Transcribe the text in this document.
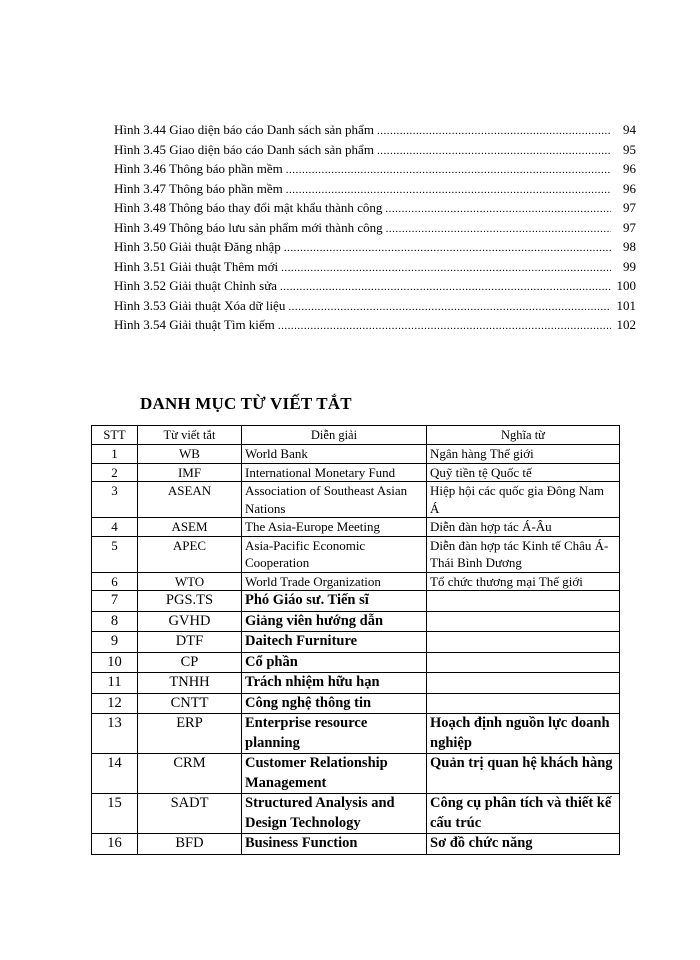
Hình 3.44 Giao diện báo cáo Danh sách sản phẩm .....	94
Hình 3.45 Giao diện báo cáo Danh sách sản phẩm .....	95
Hình 3.46 Thông báo phần mềm .....	96
Hình 3.47 Thông báo phần mềm .....	96
Hình 3.48 Thông báo thay đổi mật khẩu thành công .....	97
Hình 3.49 Thông báo lưu sản phẩm mới thành công .....	97
Hình 3.50 Giải thuật Đăng nhập .....	98
Hình 3.51 Giải thuật Thêm mới .....	99
Hình 3.52 Giải thuật Chỉnh sửa .....	100
Hình 3.53 Giải thuật Xóa dữ liệu .....	101
Hình 3.54 Giải thuật Tìm kiếm .....	102
DANH MỤC TỪ VIẾT TẮT
STT	Từ viết tắt	Diễn giải	Nghĩa từ
1	WB	World Bank	Ngân hàng Thế giới
2	IMF	International Monetary Fund	Quỹ tiền tệ Quốc tế
3	ASEAN	Association of Southeast Asian Nations	Hiệp hội các quốc gia Đông Nam Á
4	ASEM	The Asia-Europe Meeting	Diễn đàn hợp tác Á-Âu
5	APEC	Asia-Pacific Economic Cooperation	Diễn đàn hợp tác Kinh tế Châu Á- Thái Bình Dương
6	WTO	World Trade Organization	Tổ chức thương mại Thế giới
7	PGS.TS	Phó Giáo sư. Tiến sĩ	
8	GVHD	Giảng viên hướng dẫn	
9	DTF	Daitech Furniture	
10	CP	Cổ phần	
11	TNHH	Trách nhiệm hữu hạn	
12	CNTT	Công nghệ thông tin	
13	ERP	Enterprise resource planning	Hoạch định nguồn lực doanh nghiệp
14	CRM	Customer Relationship Management	Quản trị quan hệ khách hàng
15	SADT	Structured Analysis and Design Technology	Công cụ phân tích và thiết kế cấu trúc
16	BFD	Business Function	Sơ đồ chức năng
